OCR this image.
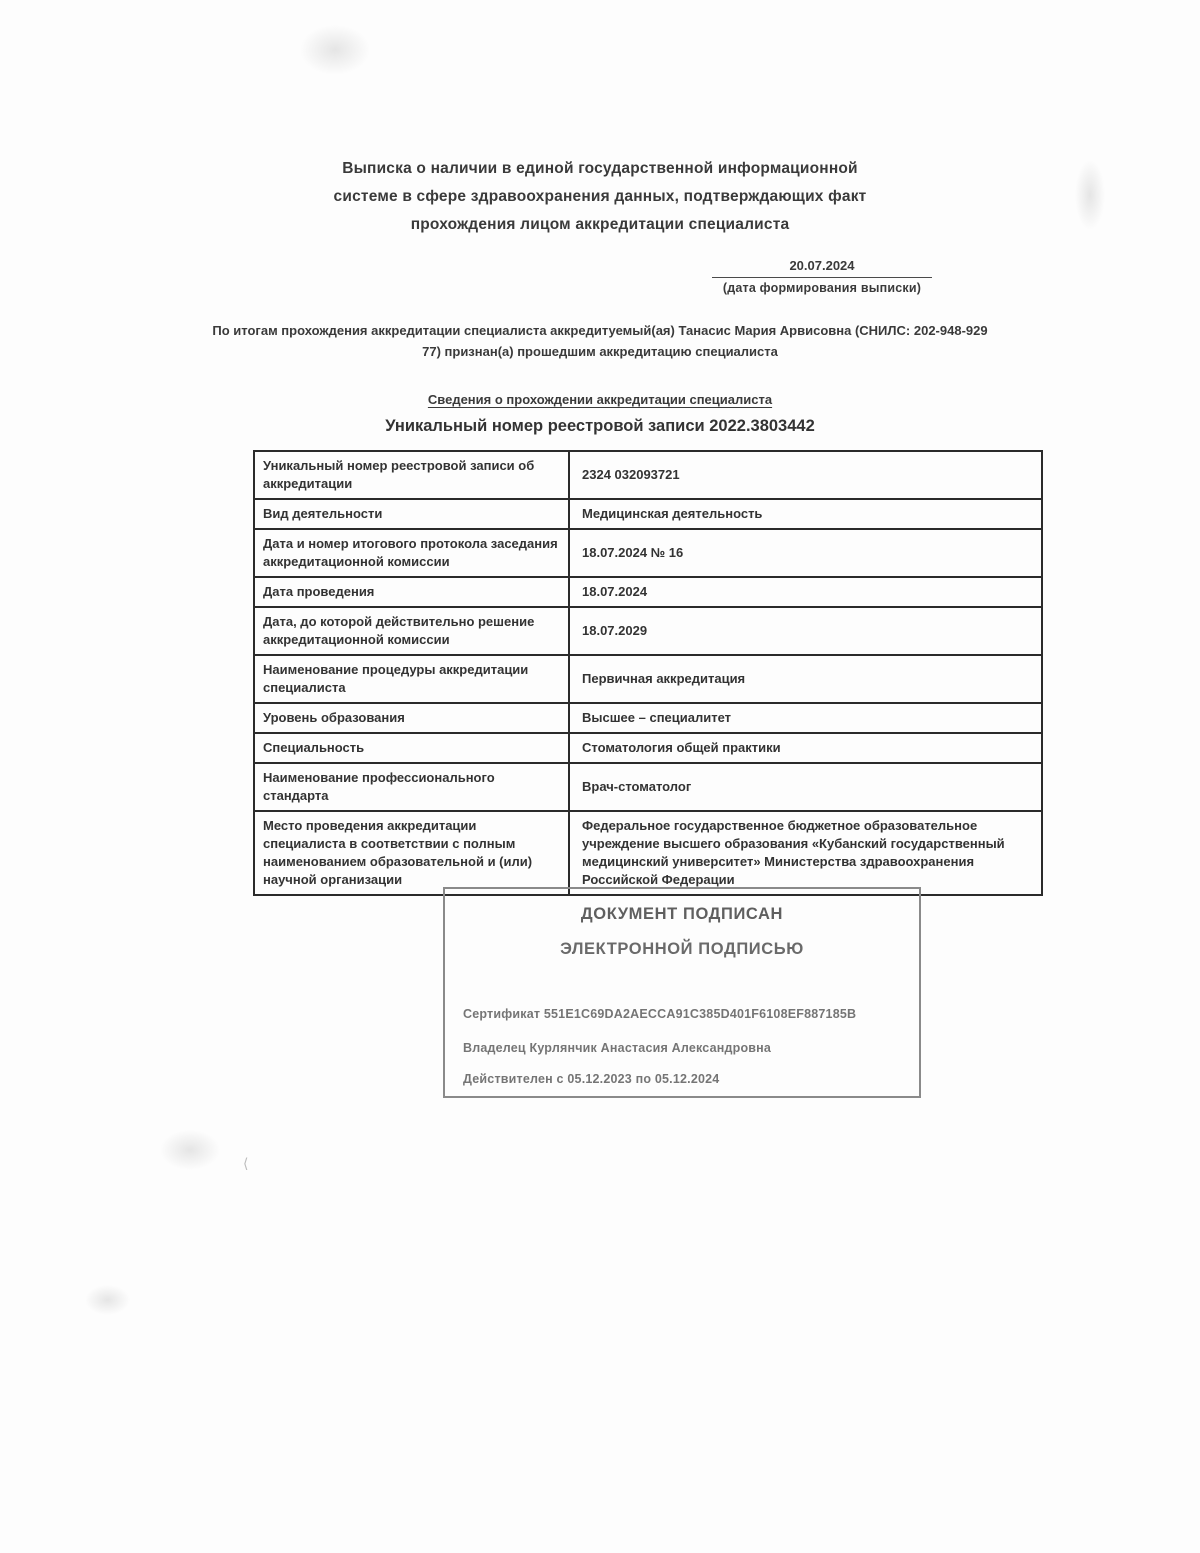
Выписка о наличии в единой государственной информационной
системе в сфере здравоохранения данных, подтверждающих факт
прохождения лицом аккредитации специалиста
20.07.2024
(дата формирования выписки)
По итогам прохождения аккредитации специалиста аккредитуемый(ая) Танасис Мария Арвисовна (СНИЛС: 202-948-929
77) признан(а) прошедшим аккредитацию специалиста
Сведения о прохождении аккредитации специалиста
Уникальный номер реестровой записи 2022.3803442
Уникальный номер реестровой записи об аккредитации	2324 032093721
Вид деятельности	Медицинская деятельность
Дата и номер итогового протокола заседания аккредитационной комиссии	18.07.2024 № 16
Дата проведения	18.07.2024
Дата, до которой действительно решение аккредитационной комиссии	18.07.2029
Наименование процедуры аккредитации специалиста	Первичная аккредитация
Уровень образования	Высшее – специалитет
Специальность	Стоматология общей практики
Наименование профессионального стандарта	Врач-стоматолог
Место проведения аккредитации специалиста в соответствии с полным наименованием образовательной и (или) научной организации	Федеральное государственное бюджетное образовательное учреждение высшего образования «Кубанский государственный медицинский университет» Министерства здравоохранения Российской Федерации
ДОКУМЕНТ ПОДПИСАН
ЭЛЕКТРОННОЙ ПОДПИСЬЮ
Сертификат 551E1C69DA2AECCA91C385D401F6108EF887185B
Владелец Курлянчик Анастасия Александровна
Действителен с 05.12.2023 по 05.12.2024
⟨
